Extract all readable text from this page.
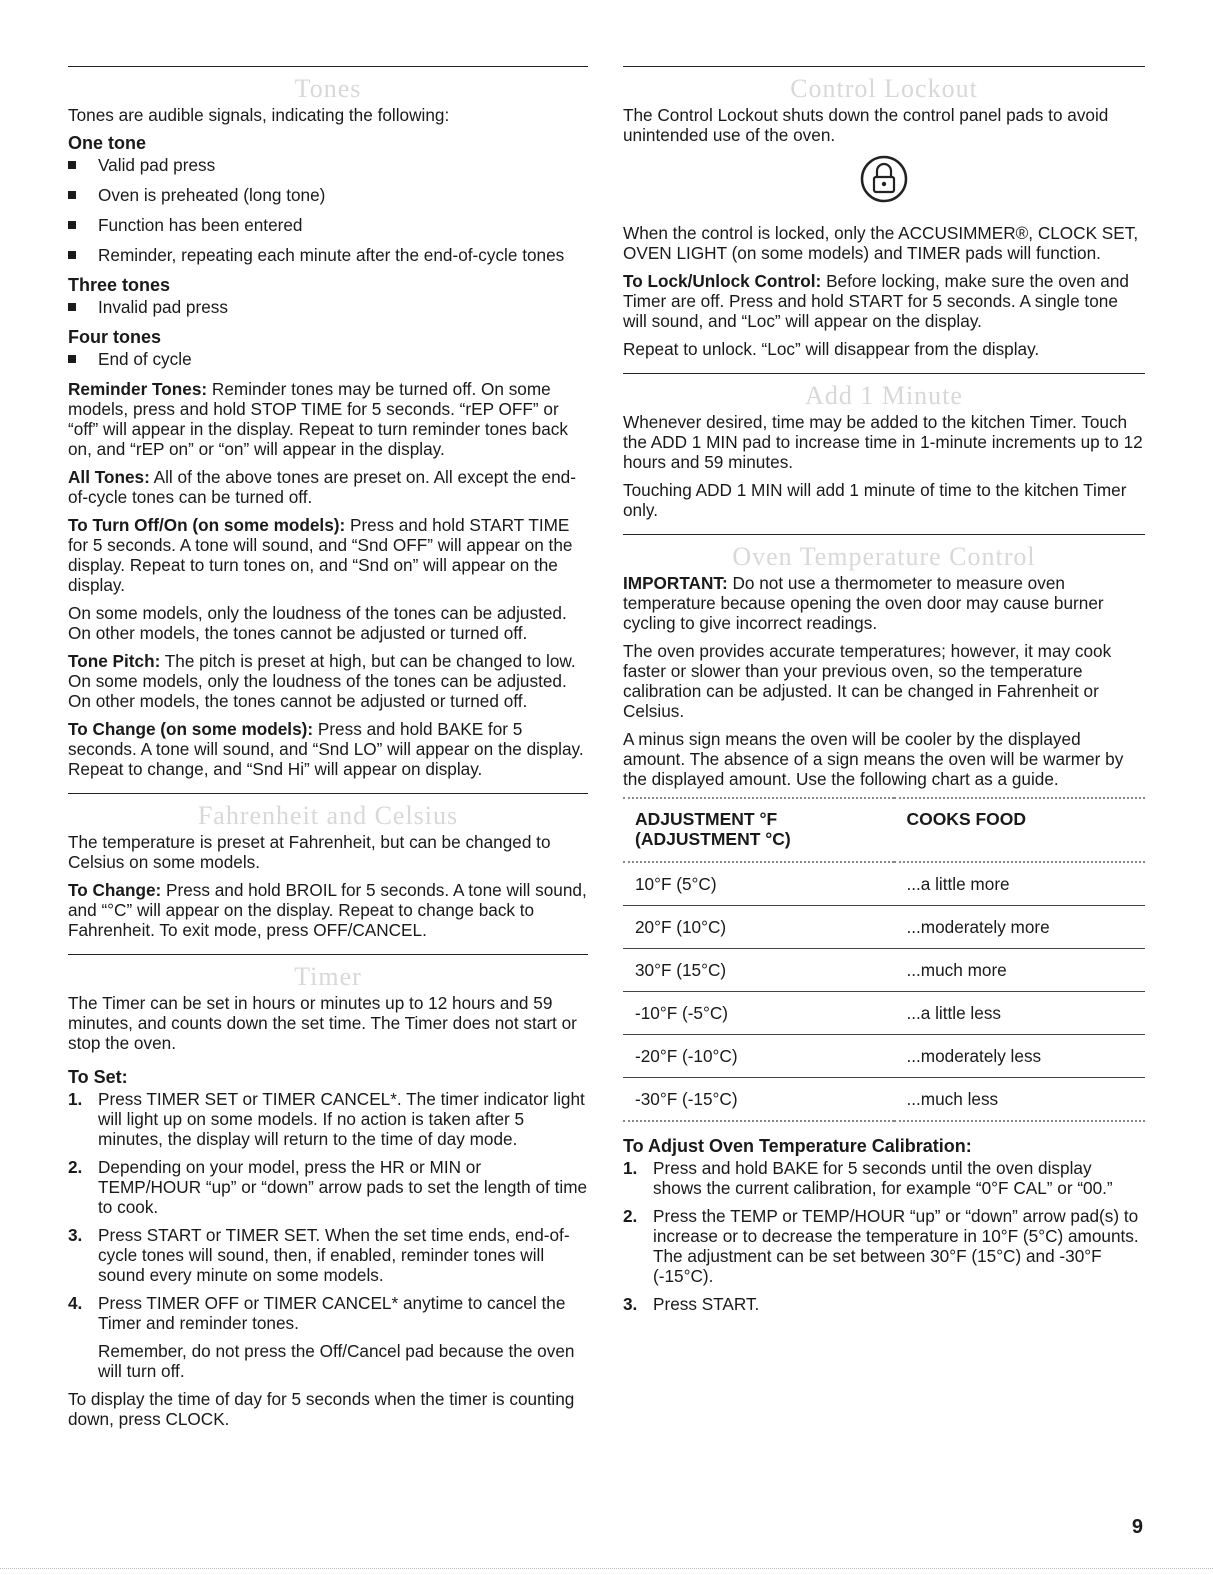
Tones

Tones are audible signals, indicating the following:

One tone
Valid pad press
Oven is preheated (long tone)
Function has been entered
Reminder, repeating each minute after the end-of-cycle tones
Three tones
Invalid pad press
Four tones
End of cycle

Reminder Tones: Reminder tones may be turned off. On some models, press and hold STOP TIME for 5 seconds. “rEP OFF” or “off” will appear in the display. Repeat to turn reminder tones back on, and “rEP on” or “on” will appear in the display.

All Tones: All of the above tones are preset on. All except the end-of-cycle tones can be turned off.

To Turn Off/On (on some models): Press and hold START TIME for 5 seconds. A tone will sound, and “Snd OFF” will appear on the display. Repeat to turn tones on, and “Snd on” will appear on the display.

On some models, only the loudness of the tones can be adjusted. On other models, the tones cannot be adjusted or turned off.

Tone Pitch: The pitch is preset at high, but can be changed to low. On some models, only the loudness of the tones can be adjusted. On other models, the tones cannot be adjusted or turned off.

To Change (on some models): Press and hold BAKE for 5 seconds. A tone will sound, and “Snd LO” will appear on the display. Repeat to change, and “Snd Hi” will appear on display.

Fahrenheit and Celsius

The temperature is preset at Fahrenheit, but can be changed to Celsius on some models.

To Change: Press and hold BROIL for 5 seconds. A tone will sound, and “°C” will appear on the display. Repeat to change back to Fahrenheit. To exit mode, press OFF/CANCEL.

Timer

The Timer can be set in hours or minutes up to 12 hours and 59 minutes, and counts down the set time. The Timer does not start or stop the oven.

To Set:
1. Press TIMER SET or TIMER CANCEL*. The timer indicator light will light up on some models. If no action is taken after 5 minutes, the display will return to the time of day mode.
2. Depending on your model, press the HR or MIN or TEMP/HOUR “up” or “down” arrow pads to set the length of time to cook.
3. Press START or TIMER SET. When the set time ends, end-of-cycle tones will sound, then, if enabled, reminder tones will sound every minute on some models.
4. Press TIMER OFF or TIMER CANCEL* anytime to cancel the Timer and reminder tones.

Remember, do not press the Off/Cancel pad because the oven will turn off.

To display the time of day for 5 seconds when the timer is counting down, press CLOCK.

Control Lockout

The Control Lockout shuts down the control panel pads to avoid unintended use of the oven.

When the control is locked, only the ACCUSIMMER®, CLOCK SET, OVEN LIGHT (on some models) and TIMER pads will function.

To Lock/Unlock Control: Before locking, make sure the oven and Timer are off. Press and hold START for 5 seconds. A single tone will sound, and “Loc” will appear on the display.

Repeat to unlock. “Loc” will disappear from the display.

Add 1 Minute

Whenever desired, time may be added to the kitchen Timer. Touch the ADD 1 MIN pad to increase time in 1-minute increments up to 12 hours and 59 minutes.

Touching ADD 1 MIN will add 1 minute of time to the kitchen Timer only.

Oven Temperature Control

IMPORTANT: Do not use a thermometer to measure oven temperature because opening the oven door may cause burner cycling to give incorrect readings.

The oven provides accurate temperatures; however, it may cook faster or slower than your previous oven, so the temperature calibration can be adjusted. It can be changed in Fahrenheit or Celsius.

A minus sign means the oven will be cooler by the displayed amount. The absence of a sign means the oven will be warmer by the displayed amount. Use the following chart as a guide.

ADJUSTMENT °F
(ADJUSTMENT °C)	COOKS FOOD
10°F (5°C)	...a little more
20°F (10°C)	...moderately more
30°F (15°C)	...much more
-10°F (-5°C)	...a little less
-20°F (-10°C)	...moderately less
-30°F (-15°C)	...much less
To Adjust Oven Temperature Calibration:
1. Press and hold BAKE for 5 seconds until the oven display shows the current calibration, for example “0°F CAL” or “00.”
2. Press the TEMP or TEMP/HOUR “up” or “down” arrow pad(s) to increase or to decrease the temperature in 10°F (5°C) amounts. The adjustment can be set between 30°F (15°C) and -30°F (-15°C).
3. Press START.
9
